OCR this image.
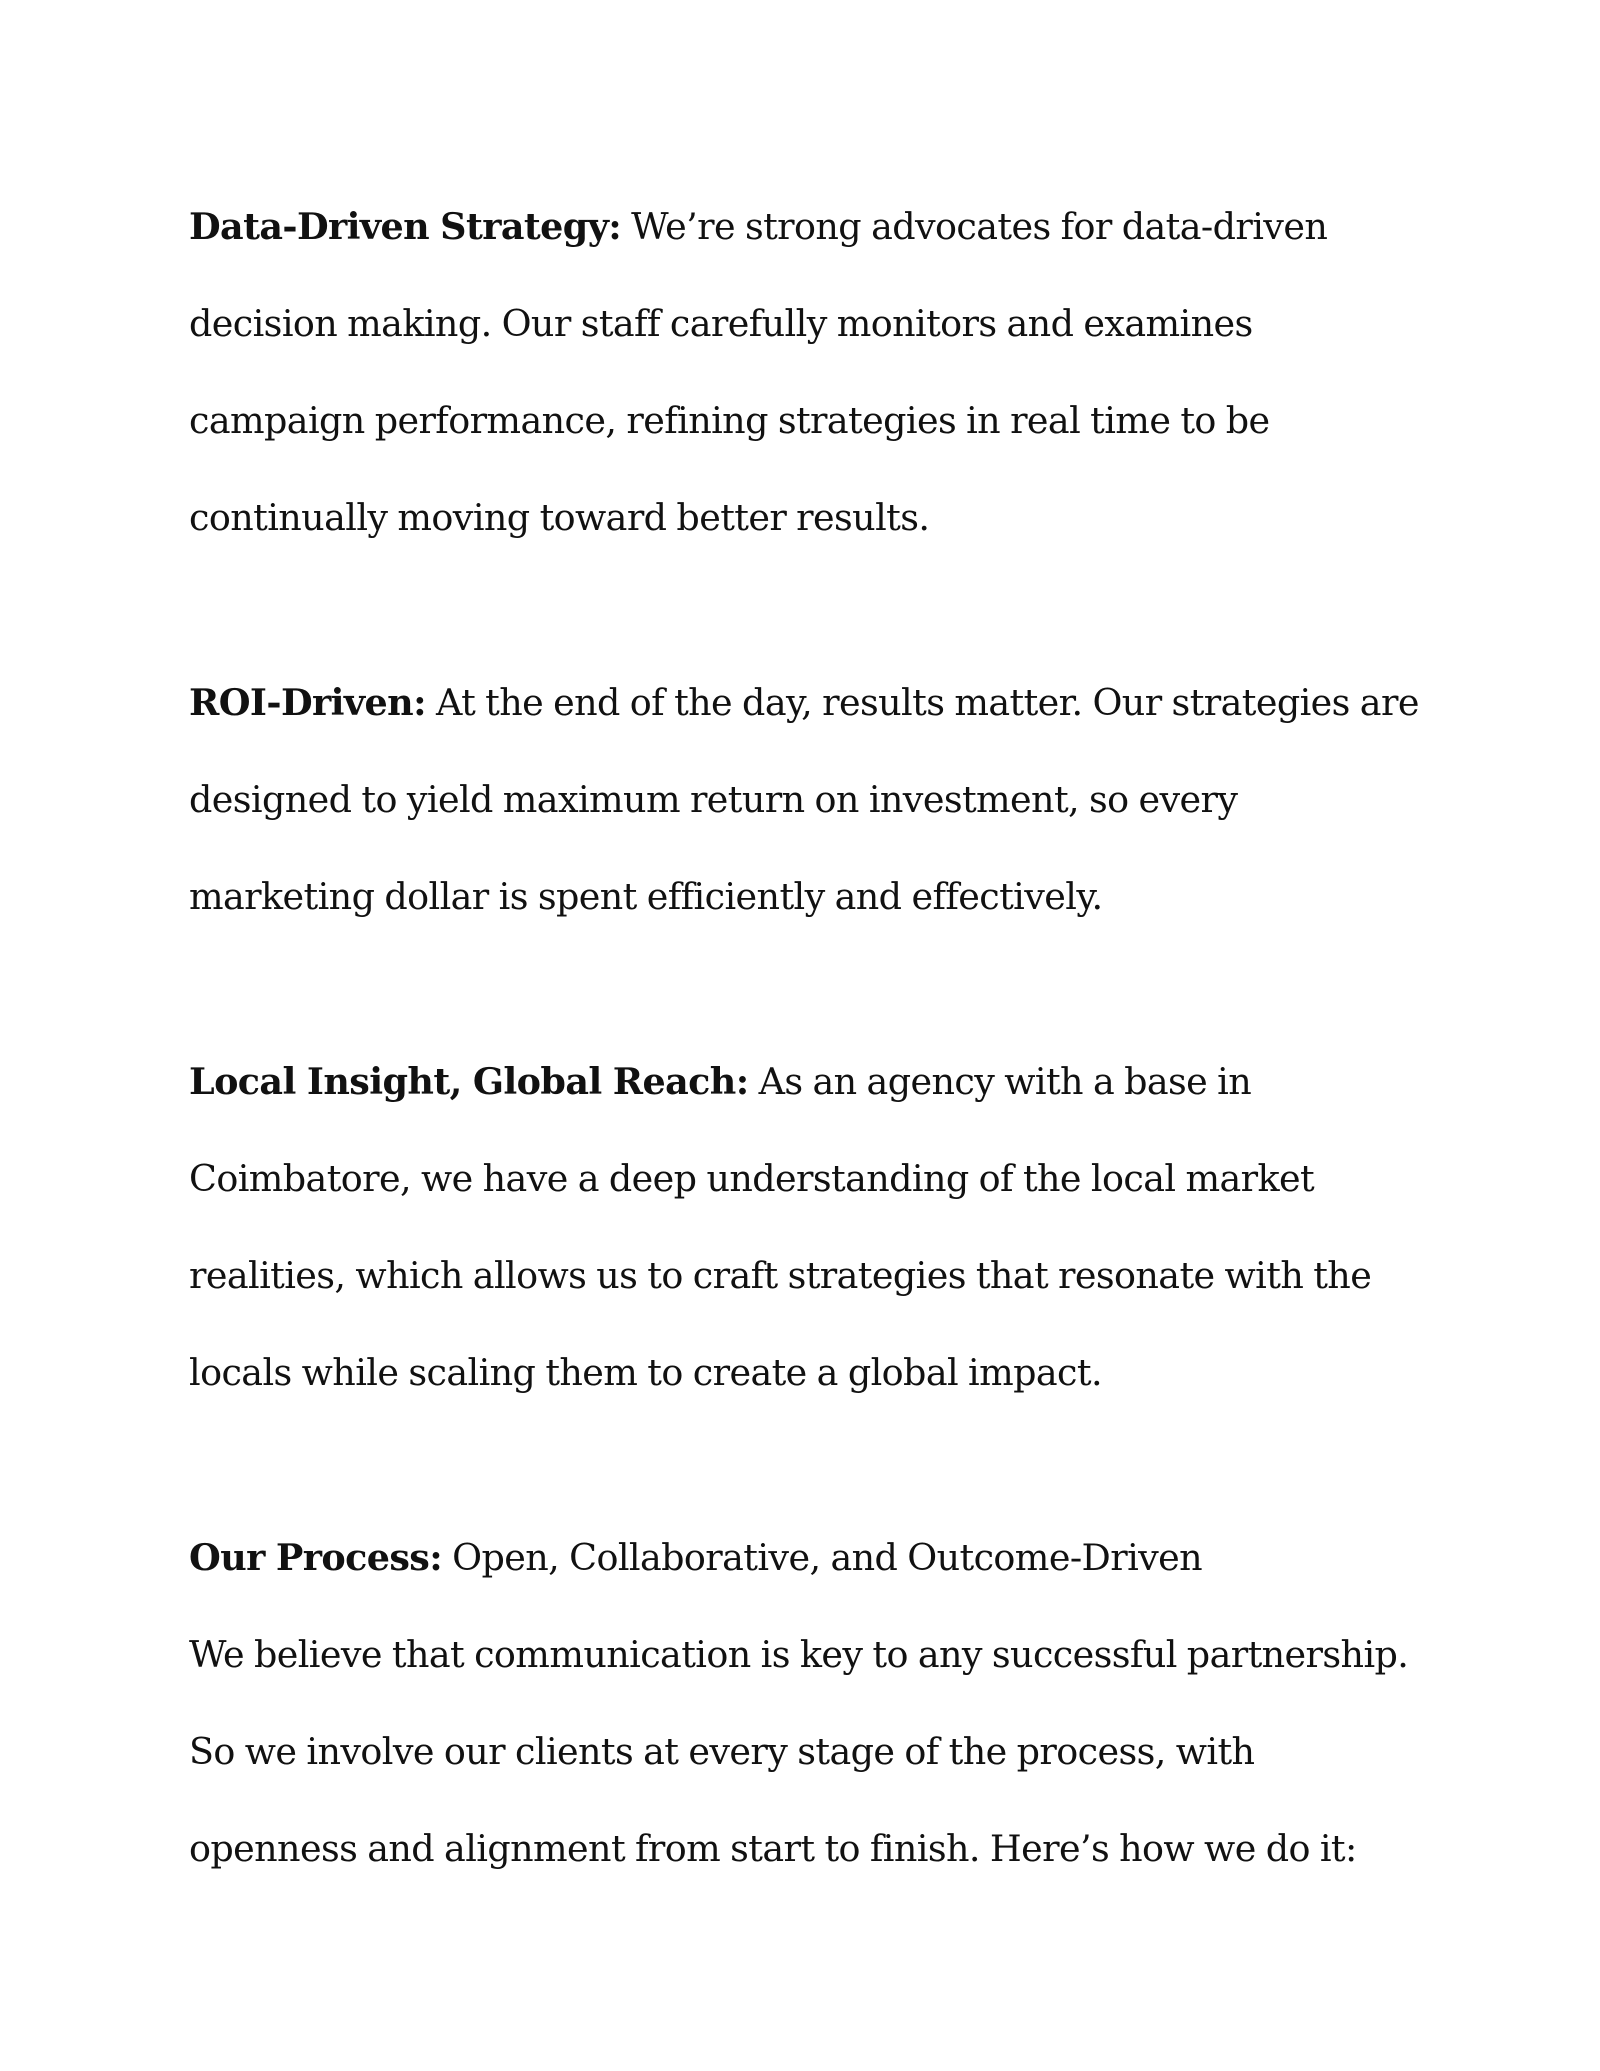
Data-Driven Strategy: We’re strong advocates for data-driven decision making. Our staff carefully monitors and examines campaign performance, refining strategies in real time to be continually moving toward better results.

ROI-Driven: At the end of the day, results matter. Our strategies are designed to yield maximum return on investment, so every marketing dollar is spent efficiently and effectively.

Local Insight, Global Reach: As an agency with a base in Coimbatore, we have a deep understanding of the local market realities, which allows us to craft strategies that resonate with the locals while scaling them to create a global impact.

Our Process: Open, Collaborative, and Outcome-Driven

We believe that communication is key to any successful partnership. So we involve our clients at every stage of the process, with openness and alignment from start to finish. Here’s how we do it:
